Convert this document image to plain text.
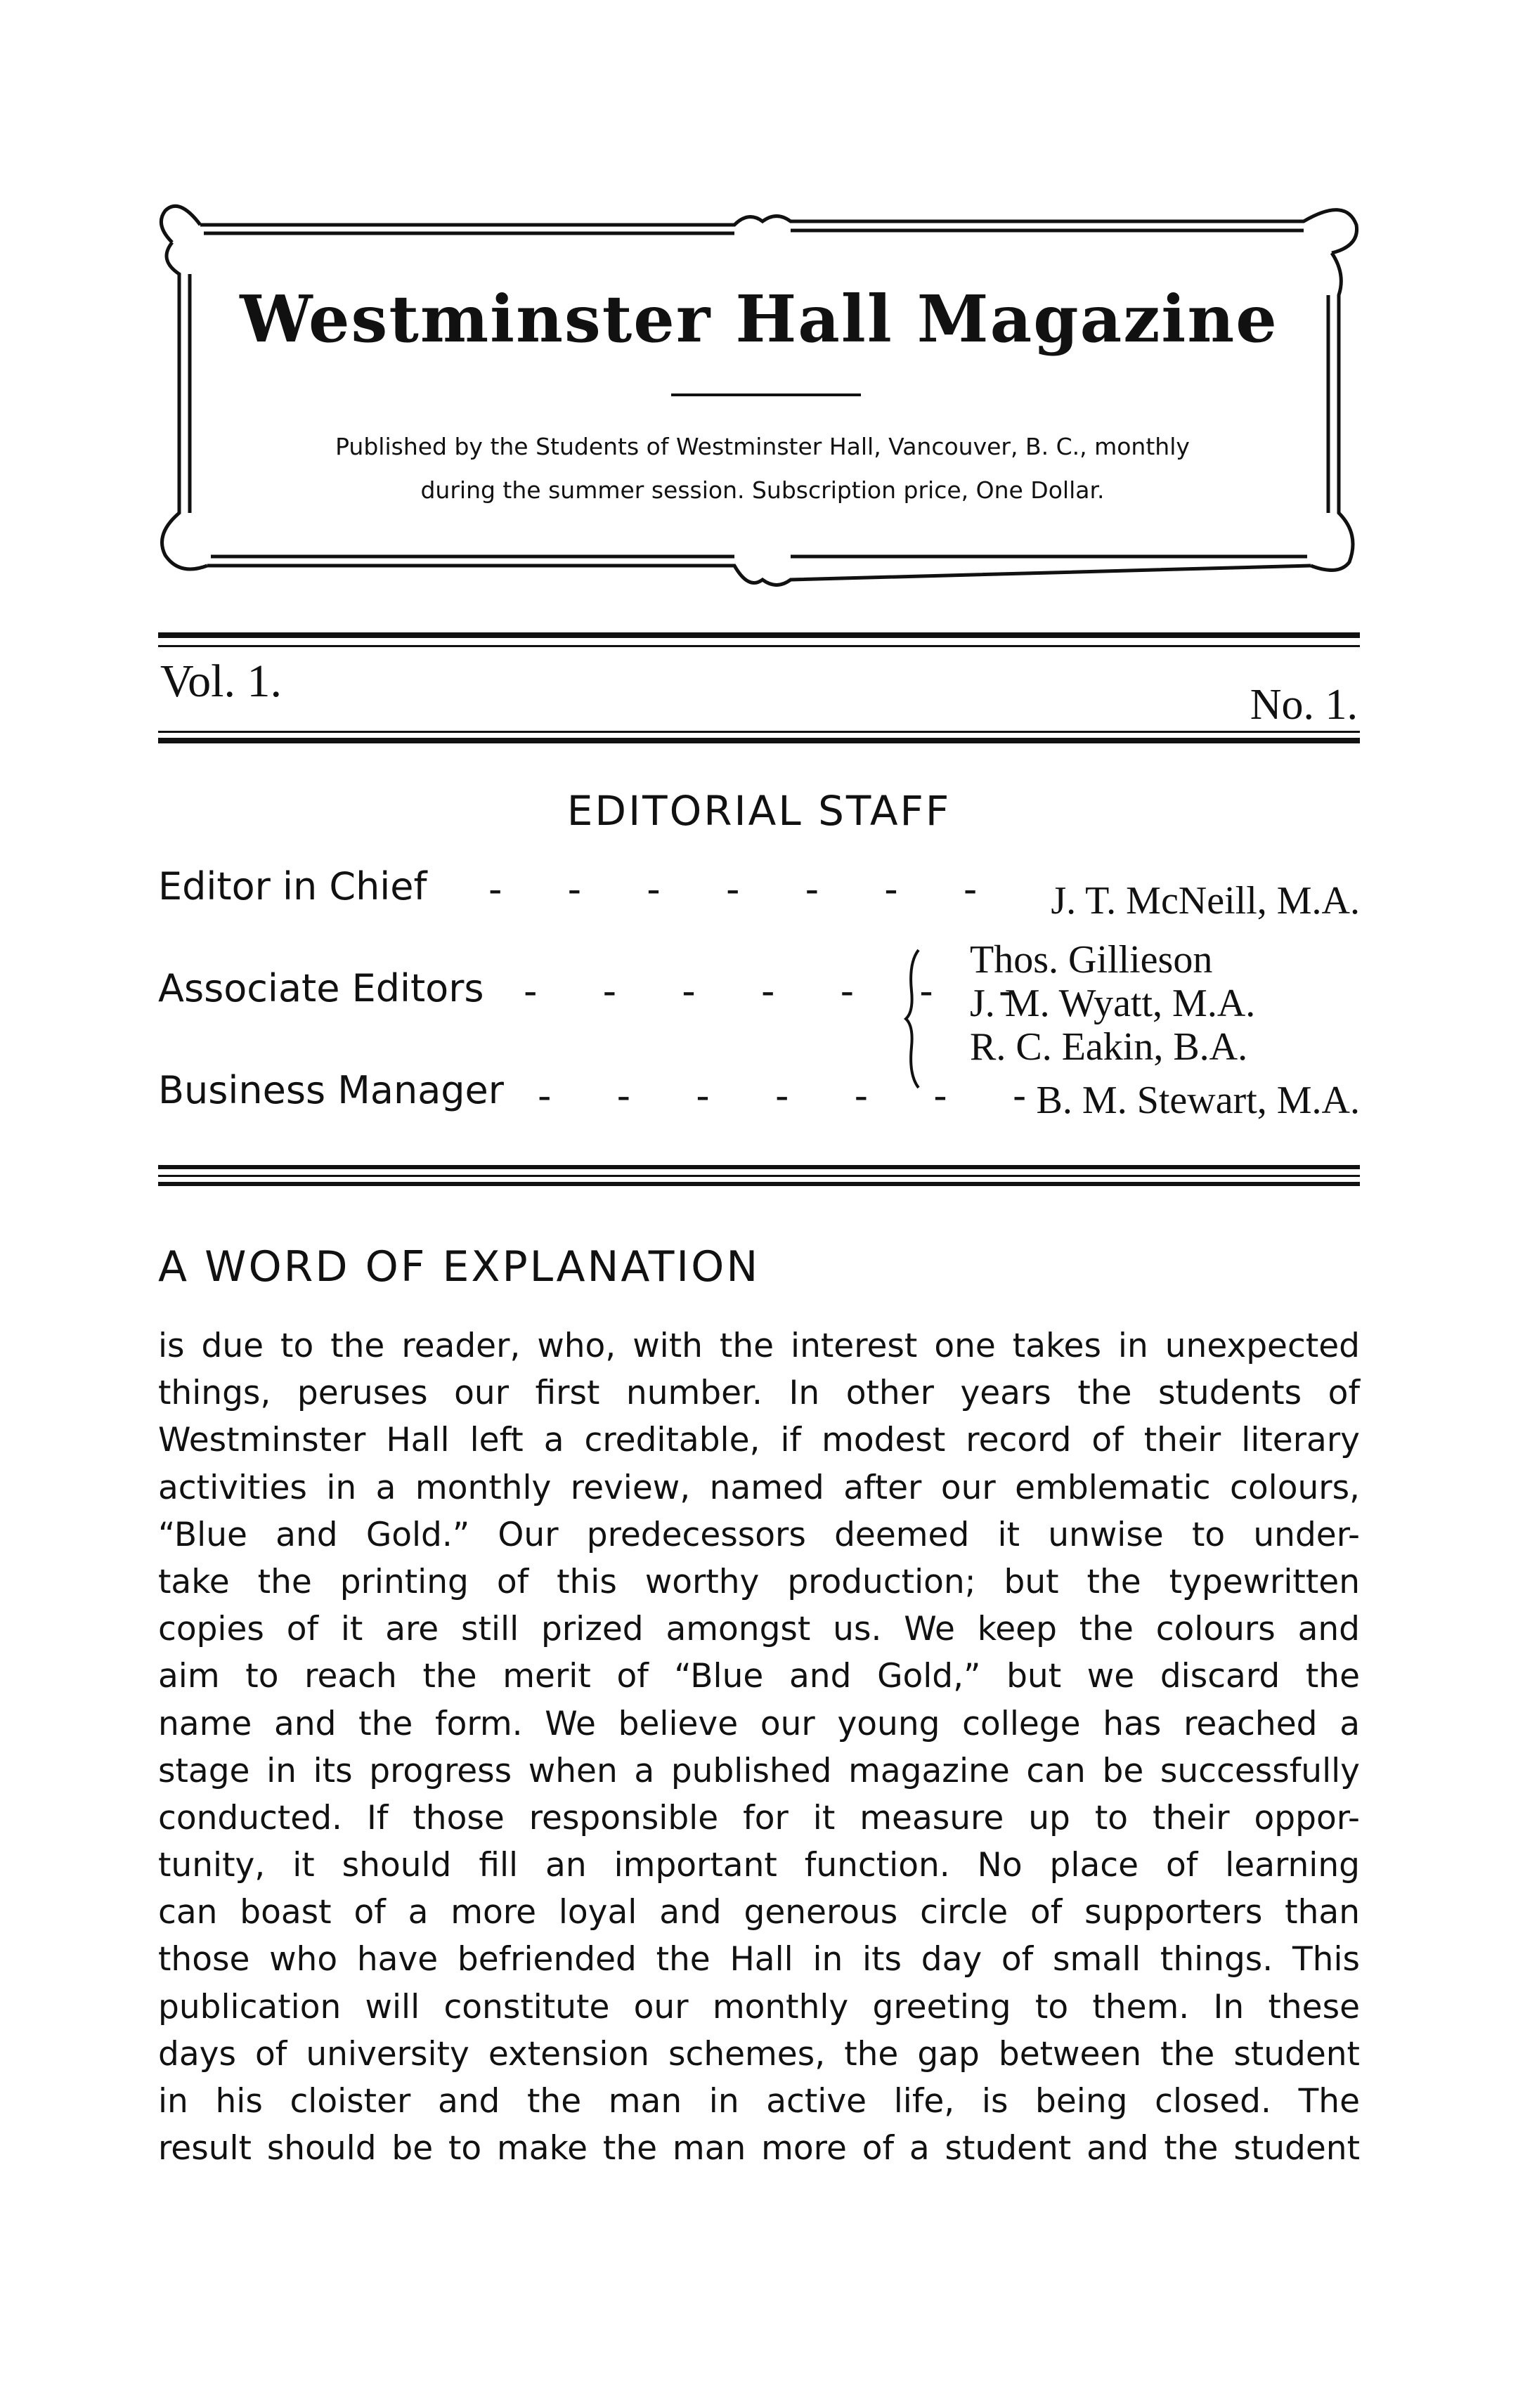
Westminster Hall Magazine
Published by the Students of Westminster Hall, Vancouver, B. C., monthly
during the summer session. Subscription price, One Dollar.
Vol. 1.	No. 1.
EDITORIAL STAFF
Editor in Chief - - - - - - - J. T. McNeill, M.A.
Associate Editors - - - - - - -
Thos. Gillieson
J. M. Wyatt, M.A.
R. C. Eakin, B.A.
Business Manager - - - - - - -
B. M. Stewart, M.A.
A WORD OF EXPLANATION
is due to the reader, who, with the interest one takes in unexpected
things, peruses our first number. In other years the students of
Westminster Hall left a creditable, if modest record of their literary
activities in a monthly review, named after our emblematic colours,
“Blue and Gold.” Our predecessors deemed it unwise to under-
take the printing of this worthy production; but the typewritten
copies of it are still prized amongst us. We keep the colours and
aim to reach the merit of “Blue and Gold,” but we discard the
name and the form. We believe our young college has reached a
stage in its progress when a published magazine can be successfully
conducted. If those responsible for it measure up to their oppor-
tunity, it should fill an important function. No place of learning
can boast of a more loyal and generous circle of supporters than
those who have befriended the Hall in its day of small things. This
publication will constitute our monthly greeting to them. In these
days of university extension schemes, the gap between the student
in his cloister and the man in active life, is being closed. The
result should be to make the man more of a student and the student
